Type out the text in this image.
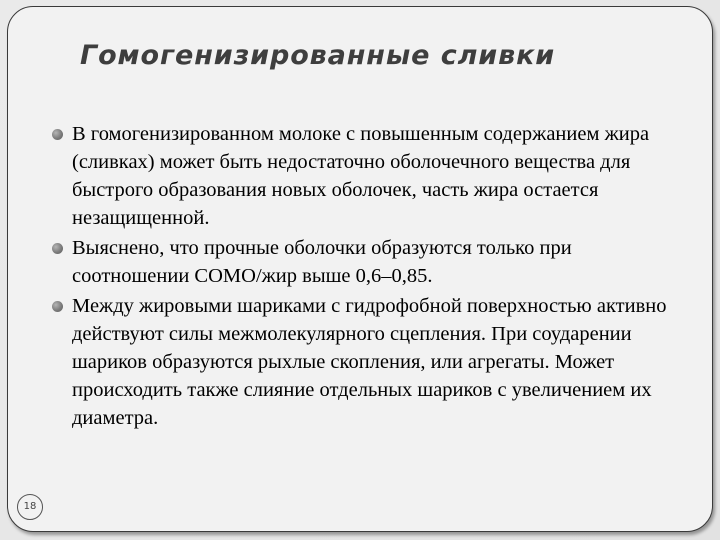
Гомогенизированные сливки
В гомогенизированном молоке с повышенным содержанием жира (сливках) может быть недостаточно оболочечного вещества для быстрого образования новых оболочек, часть жира остается незащищенной.
Выяснено, что прочные оболочки образуются только при соотношении СОМО/жир выше 0,6–0,85.
Между жировыми шариками с гидрофобной поверхностью активно действуют силы межмолекулярного сцепления. При соударении шариков образуются рыхлые скопления, или агрегаты. Может происходить также слияние отдельных шариков с увеличением их диаметра.
18
